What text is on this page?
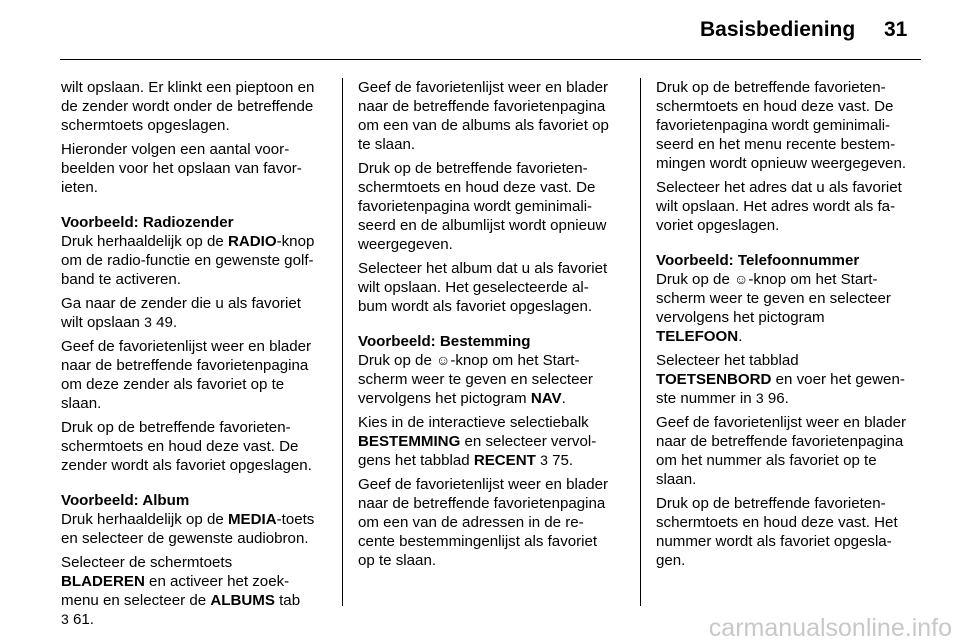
Basisbediening 31
wilt opslaan. Er klinkt een pieptoon en
de zender wordt onder de betreffende
schermtoets opgeslagen.
Hieronder volgen een aantal voor-
beelden voor het opslaan van favor-
ieten.
Voorbeeld: Radiozender
Druk herhaaldelijk op de RADIO-knop
om de radio-functie en gewenste golf-
band te activeren.
Ga naar de zender die u als favoriet
wilt opslaan 3 49.
Geef de favorietenlijst weer en blader
naar de betreffende favorietenpagina
om deze zender als favoriet op te
slaan.
Druk op de betreffende favorieten-
schermtoets en houd deze vast. De
zender wordt als favoriet opgeslagen.
Voorbeeld: Album
Druk herhaaldelijk op de MEDIA-toets
en selecteer de gewenste audiobron.
Selecteer de schermtoets
BLADEREN en activeer het zoek-
menu en selecteer de ALBUMS tab
3 61.
Geef de favorietenlijst weer en blader
naar de betreffende favorietenpagina
om een van de albums als favoriet op
te slaan.
Druk op de betreffende favorieten-
schermtoets en houd deze vast. De
favorietenpagina wordt geminimali-
seerd en de albumlijst wordt opnieuw
weergegeven.
Selecteer het album dat u als favoriet
wilt opslaan. Het geselecteerde al-
bum wordt als favoriet opgeslagen.
Voorbeeld: Bestemming
Druk op de ☺-knop om het Start-
scherm weer te geven en selecteer
vervolgens het pictogram NAV.
Kies in de interactieve selectiebalk
BESTEMMING en selecteer vervol-
gens het tabblad RECENT 3 75.
Geef de favorietenlijst weer en blader
naar de betreffende favorietenpagina
om een van de adressen in de re-
cente bestemmingenlijst als favoriet
op te slaan.
Druk op de betreffende favorieten-
schermtoets en houd deze vast. De
favorietenpagina wordt geminimali-
seerd en het menu recente bestem-
mingen wordt opnieuw weergegeven.
Selecteer het adres dat u als favoriet
wilt opslaan. Het adres wordt als fa-
voriet opgeslagen.
Voorbeeld: Telefoonnummer
Druk op de ☺-knop om het Start-
scherm weer te geven en selecteer
vervolgens het pictogram
TELEFOON.
Selecteer het tabblad
TOETSENBORD en voer het gewen-
ste nummer in 3 96.
Geef de favorietenlijst weer en blader
naar de betreffende favorietenpagina
om het nummer als favoriet op te
slaan.
Druk op de betreffende favorieten-
schermtoets en houd deze vast. Het
nummer wordt als favoriet opgesla-
gen.
carmanualsonline.info
